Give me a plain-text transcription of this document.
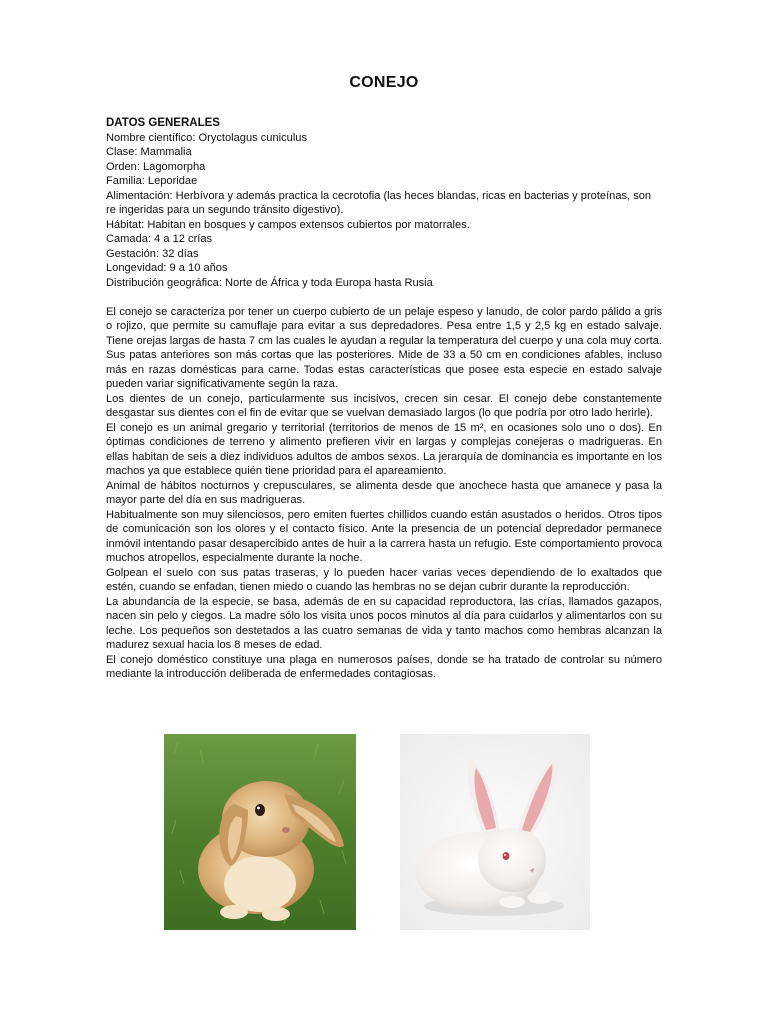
CONEJO

DATOS GENERALES

Nombre científico: Oryctolagus cuniculus
Clase: Mammalia
Orden: Lagomorpha
Familia: Leporidae
Alimentación: Herbívora y además practica la cecrotofia (las heces blandas, ricas en bacterias y proteínas, son re ingeridas para un segundo tránsito digestivo).
Hábitat: Habitan en bosques y campos extensos cubiertos por matorrales.
Camada: 4 a 12 crías
Gestación: 32 días
Longevidad: 9 a 10 años
Distribución geográfica: Norte de África y toda Europa hasta Rusia

El conejo se caracteriza por tener un cuerpo cubierto de un pelaje espeso y lanudo, de color pardo pálido a gris o rojizo, que permite su camuflaje para evitar a sus depredadores. Pesa entre 1,5 y 2,5 kg en estado salvaje. Tiene orejas largas de hasta 7 cm las cuales le ayudan a regular la temperatura del cuerpo y una cola muy corta. Sus patas anteriores son más cortas que las posteriores. Mide de 33 a 50 cm en condiciones afables, incluso más en razas domésticas para carne. Todas estas características que posee esta especie en estado salvaje pueden variar significativamente según la raza.

Los dientes de un conejo, particularmente sus incisivos, crecen sin cesar. El conejo debe constantemente desgastar sus dientes con el fin de evitar que se vuelvan demasiado largos (lo que podría por otro lado herirle).

El conejo es un animal gregario y territorial (territorios de menos de 15 m², en ocasiones solo uno o dos). En óptimas condiciones de terreno y alimento prefieren vivir en largas y complejas conejeras o madrigueras. En ellas habitan de seis a diez individuos adultos de ambos sexos. La jerarquía de dominancia es importante en los machos ya que establece quién tiene prioridad para el apareamiento.

Animal de hábitos nocturnos y crepusculares, se alimenta desde que anochece hasta que amanece y pasa la mayor parte del día en sus madrigueras.

Habitualmente son muy silenciosos, pero emiten fuertes chillidos cuando están asustados o heridos. Otros tipos de comunicación son los olores y el contacto físico. Ante la presencia de un potencial depredador permanece inmóvil intentando pasar desapercibido antes de huir a la carrera hasta un refugio. Este comportamiento provoca muchos atropellos, especialmente durante la noche.

Golpean el suelo con sus patas traseras, y lo pueden hacer varias veces dependiendo de lo exaltados que estén, cuando se enfadan, tienen miedo o cuando las hembras no se dejan cubrir durante la reproducción.

La abundancia de la especie, se basa, además de en su capacidad reproductora, las crías, llamados gazapos, nacen sin pelo y ciegos. La madre sólo los visita unos pocos minutos al día para cuidarlos y alimentarlos con su leche. Los pequeños son destetados a las cuatro semanas de vida y tanto machos como hembras alcanzan la madurez sexual hacia los 8 meses de edad.

El conejo doméstico constituye una plaga en numerosos países, donde se ha tratado de controlar su número mediante la introducción deliberada de enfermedades contagiosas.
